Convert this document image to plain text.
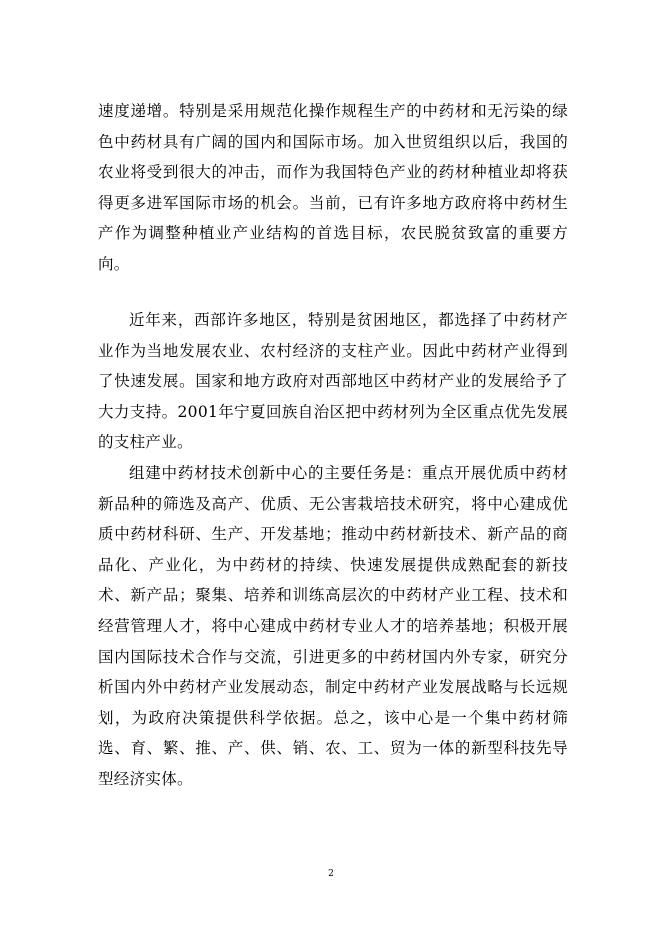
速度递增。特别是采用规范化操作规程生产的中药材和无污染的绿色中药材具有广阔的国内和国际市场。加入世贸组织以后，我国的农业将受到很大的冲击，而作为我国特色产业的药材种植业却将获得更多进军国际市场的机会。当前，已有许多地方政府将中药材生产作为调整种植业产业结构的首选目标，农民脱贫致富的重要方向。

近年来，西部许多地区，特别是贫困地区，都选择了中药材产业作为当地发展农业、农村经济的支柱产业。因此中药材产业得到了快速发展。国家和地方政府对西部地区中药材产业的发展给予了大力支持。2001年宁夏回族自治区把中药材列为全区重点优先发展的支柱产业。

组建中药材技术创新中心的主要任务是：重点开展优质中药材新品种的筛选及高产、优质、无公害栽培技术研究，将中心建成优质中药材科研、生产、开发基地；推动中药材新技术、新产品的商品化、产业化，为中药材的持续、快速发展提供成熟配套的新技术、新产品；聚集、培养和训练高层次的中药材产业工程、技术和经营管理人才，将中心建成中药材专业人才的培养基地；积极开展国内国际技术合作与交流，引进更多的中药材国内外专家，研究分析国内外中药材产业发展动态，制定中药材产业发展战略与长远规划，为政府决策提供科学依据。总之，该中心是一个集中药材筛选、育、繁、推、产、供、销、农、工、贸为一体的新型科技先导型经济实体。

2
